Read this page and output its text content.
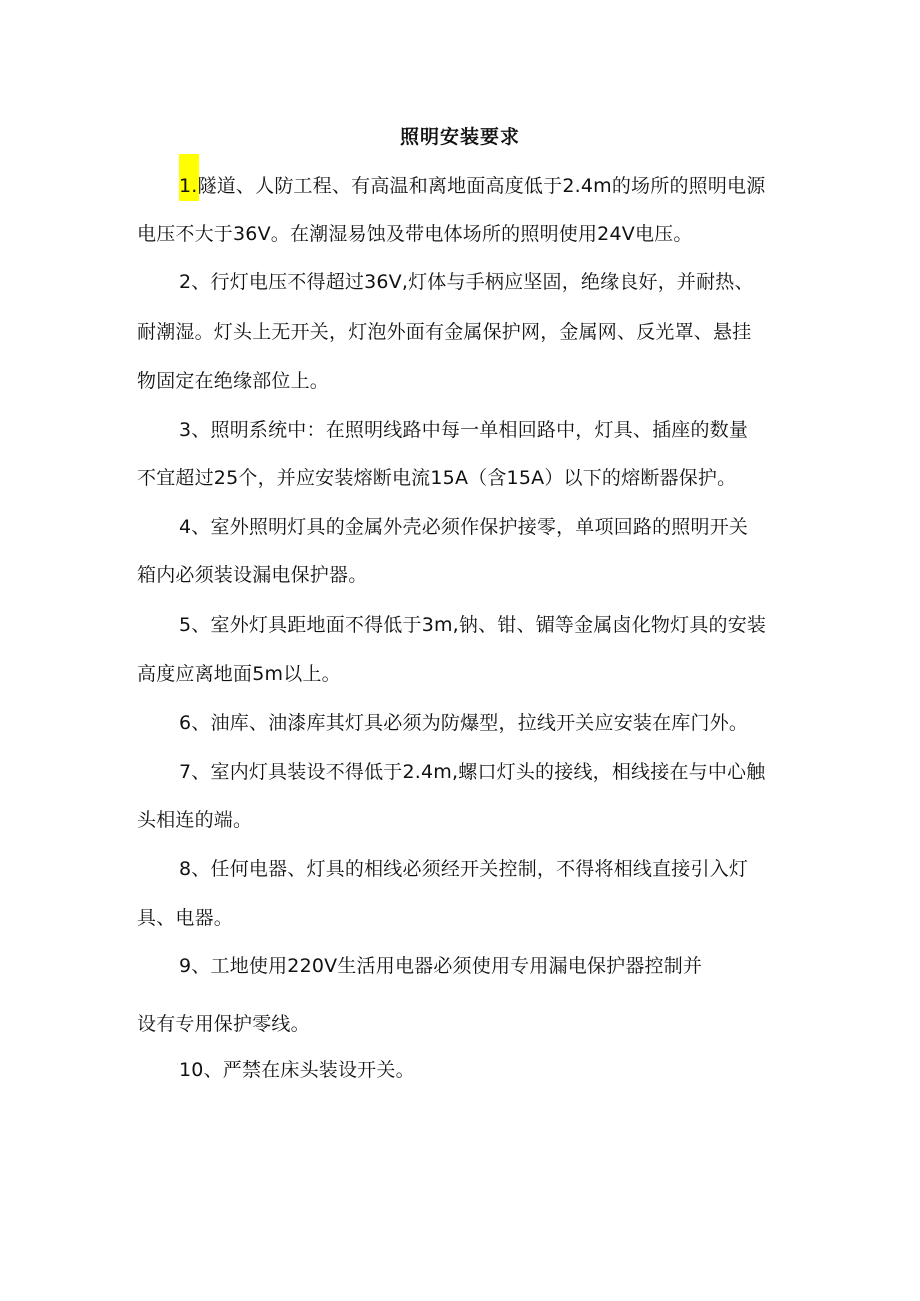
照明安装要求

1.隧道、人防工程、有高温和离地面高度低于2.4m的场所的照明电源

电压不大于36V。在潮湿易蚀及带电体场所的照明使用24V电压。

2、行灯电压不得超过36V,灯体与手柄应坚固，绝缘良好，并耐热、

耐潮湿。灯头上无开关，灯泡外面有金属保护网，金属网、反光罩、悬挂

物固定在绝缘部位上。

3、照明系统中：在照明线路中每一单相回路中，灯具、插座的数量

不宜超过25个，并应安装熔断电流15A（含15A）以下的熔断器保护。

4、室外照明灯具的金属外壳必须作保护接零，单项回路的照明开关

箱内必须装设漏电保护器。

5、室外灯具距地面不得低于3m,钠、钳、镅等金属卤化物灯具的安装

高度应离地面5m以上。

6、油库、油漆库其灯具必须为防爆型，拉线开关应安装在库门外。

7、室内灯具装设不得低于2.4m,螺口灯头的接线，相线接在与中心触

头相连的端。

8、任何电器、灯具的相线必须经开关控制，不得将相线直接引入灯

具、电器。

9、工地使用220V生活用电器必须使用专用漏电保护器控制并

设有专用保护零线。

10、严禁在床头装设开关。
